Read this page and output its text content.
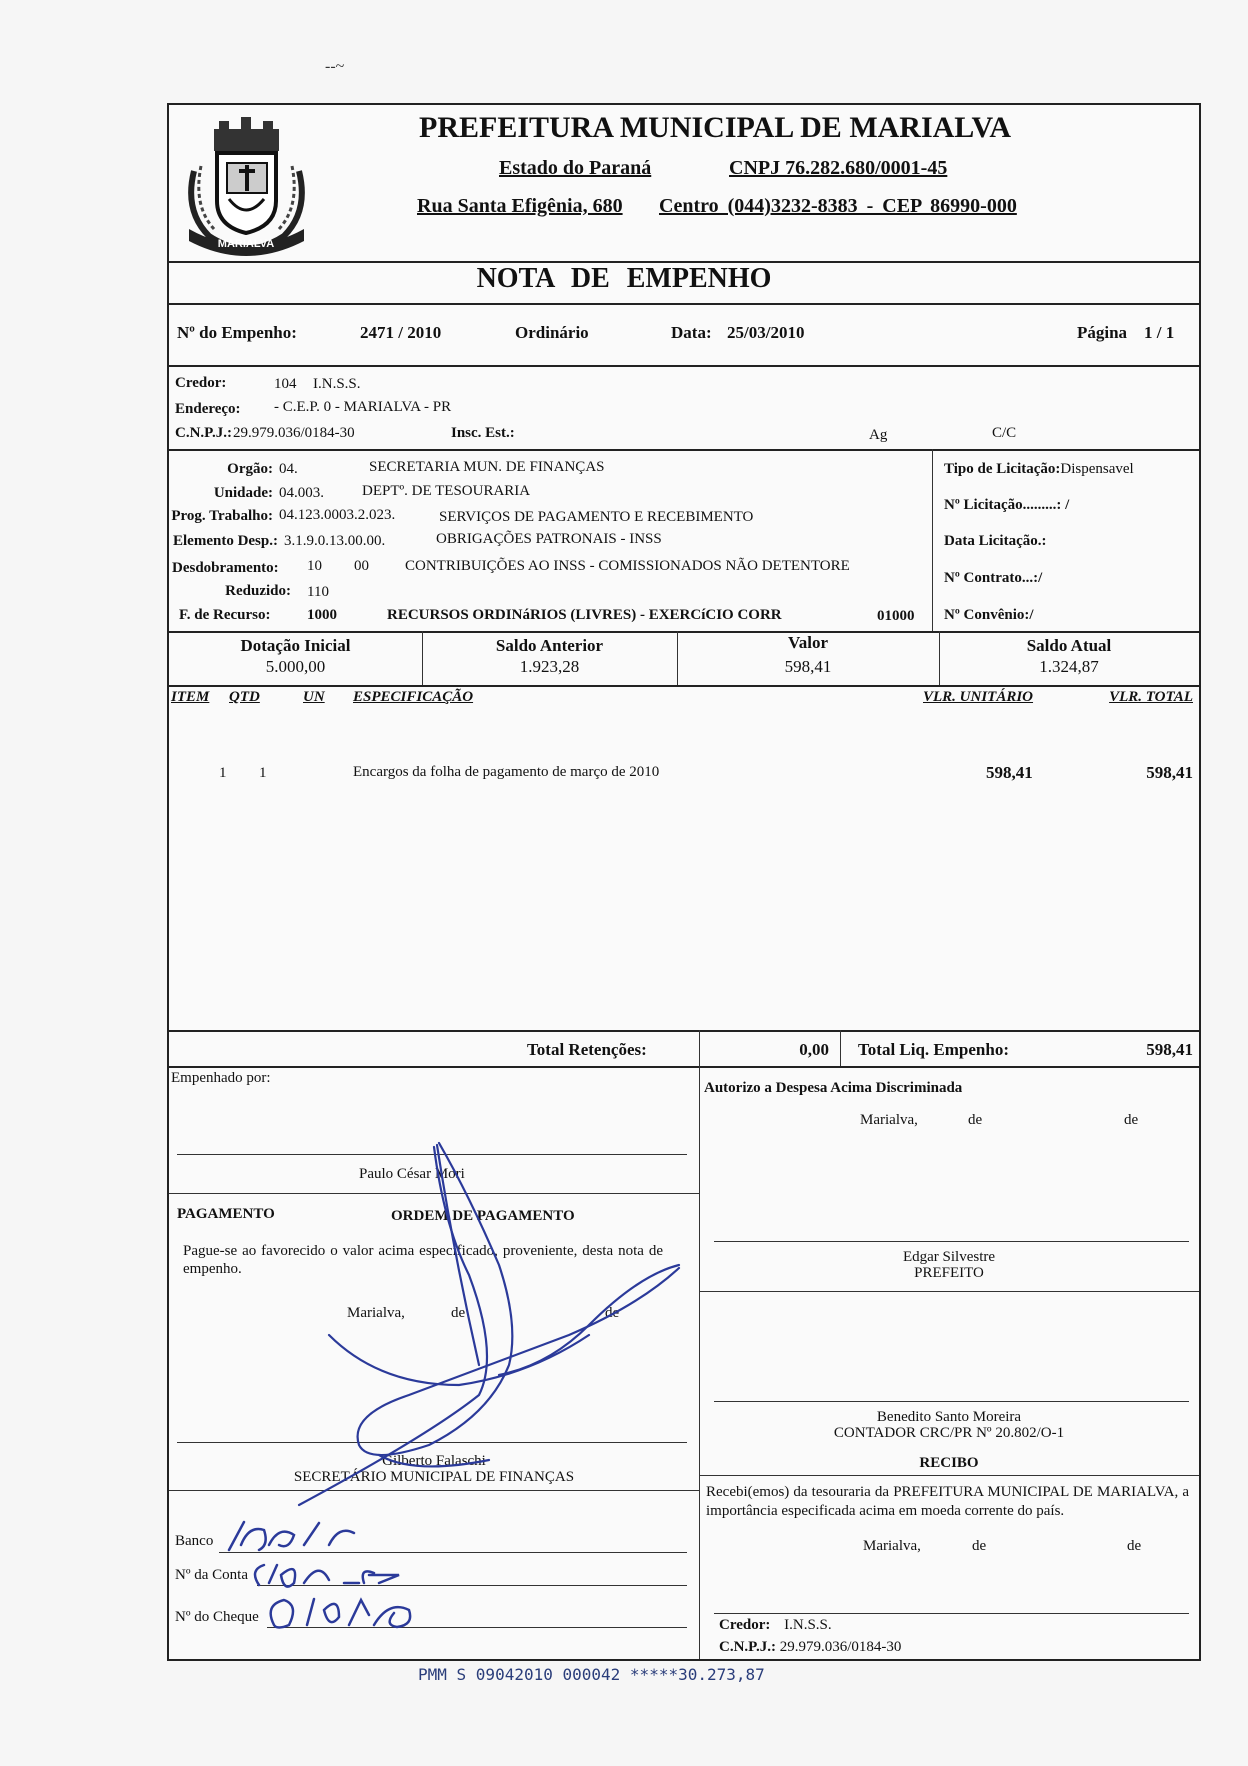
‑‑~
MARIALVA
PREFEITURA MUNICIPAL DE MARIALVA
Estado do Paraná	CNPJ 76.282.680/0001-45
Rua Santa Efigênia, 680 Centro (044)3232-8383 - CEP 86990-000
NOTA DE EMPENHO
Nº do Empenho:	2471 / 2010	Ordinário	Data: 25/03/2010	Página 1 / 1
Credor:	104 I.N.S.S.
Endereço: - C.E.P. 0 - MARIALVA - PR
C.N.P.J.: 29.979.036/0184-30	Insc. Est.:	Ag	C/C
Orgão: 04.	SECRETARIA MUN. DE FINANÇAS
Unidade: 04.003.	DEPTº. DE TESOURARIA
Prog. Trabalho: 04.123.0003.2.023.	SERVIÇOS DE PAGAMENTO E RECEBIMENTO
Elemento Desp.: 3.1.9.0.13.00.00.	OBRIGAÇÕES PATRONAIS - INSS
Desdobramento: 10 00 CONTRIBUIÇÕES AO INSS - COMISSIONADOS NÃO DETENTORE
Reduzido: 110
F. de Recurso: 1000	RECURSOS ORDINáRIOS (LIVRES) - EXERCíCIO CORR	01000
Tipo de Licitação:Dispensavel
Nº Licitação.........: /
Data Licitação.:
Nº Contrato...:/
Nº Convênio:/
Dotação Inicial
5.000,00
Saldo Anterior
1.923,28
Valor
598,41
Saldo Atual
1.324,87
ITEM QTD	UN ESPECIFICAÇÃO	VLR. UNITÁRIO	VLR. TOTAL
1 1	Encargos da folha de pagamento de março de 2010	598,41	598,41
Total Retenções:	0,00 Total Liq. Empenho:	598,41
Empenhado por:
Paulo César Mori
PAGAMENTO	ORDEM DE PAGAMENTO
Pague-se ao favorecido o valor acima especificado, proveniente, desta nota de empenho.
Marialva,	de	de
Gilberto Falaschi
SECRETÁRIO MUNICIPAL DE FINANÇAS
Banco
Nº da Conta
Nº do Cheque
Autorizo a Despesa Acima Discriminada
Marialva,	de	de
Edgar Silvestre
PREFEITO
Benedito Santo Moreira
CONTADOR CRC/PR Nº 20.802/O-1
RECIBO
Recebi(emos) da tesouraria da PREFEITURA MUNICIPAL DE MARIALVA, a importância especificada acima em moeda corrente do país.
Marialva,	de	de
Credor: I.N.S.S.
C.N.P.J.: 29.979.036/0184-30
PMM S 09042010 000042 *****30.273,87
